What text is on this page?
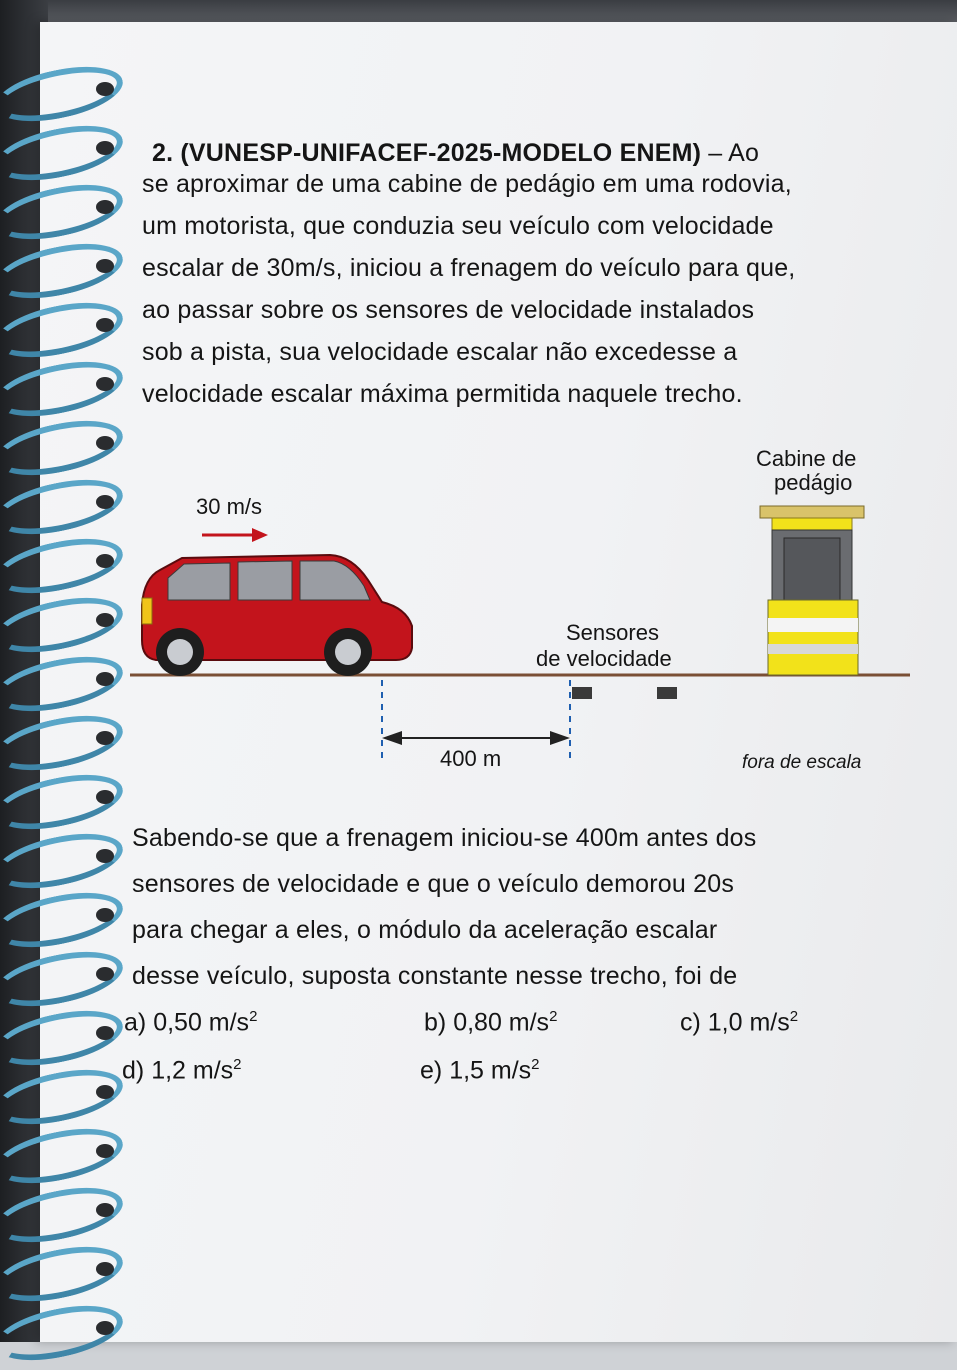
2. (VUNESP-UNIFACEF-2025-MODELO ENEM) – Ao
se aproximar de uma cabine de pedágio em uma rodovia,
um motorista, que conduzia seu veículo com velocidade
escalar de 30m/s, iniciou a frenagem do veículo para que,
ao passar sobre os sensores de velocidade instalados
sob a pista, sua velocidade escalar não excedesse a
velocidade escalar máxima permitida naquele trecho.
Cabine de
pedágio
30 m/s
Sensores
de velocidade
400 m	fora de escala
Sabendo-se que a frenagem iniciou-se 400m antes dos
sensores de velocidade e que o veículo demorou 20s
para chegar a eles, o módulo da aceleração escalar
desse veículo, suposta constante nesse trecho, foi de
a) 0,50 $m/s^2$	b) 0,80 $m/s^2$	c) 1,0 $m/s^2$
d) 1,2 $m/s^2$	e) 1,5 $m/s^2$
